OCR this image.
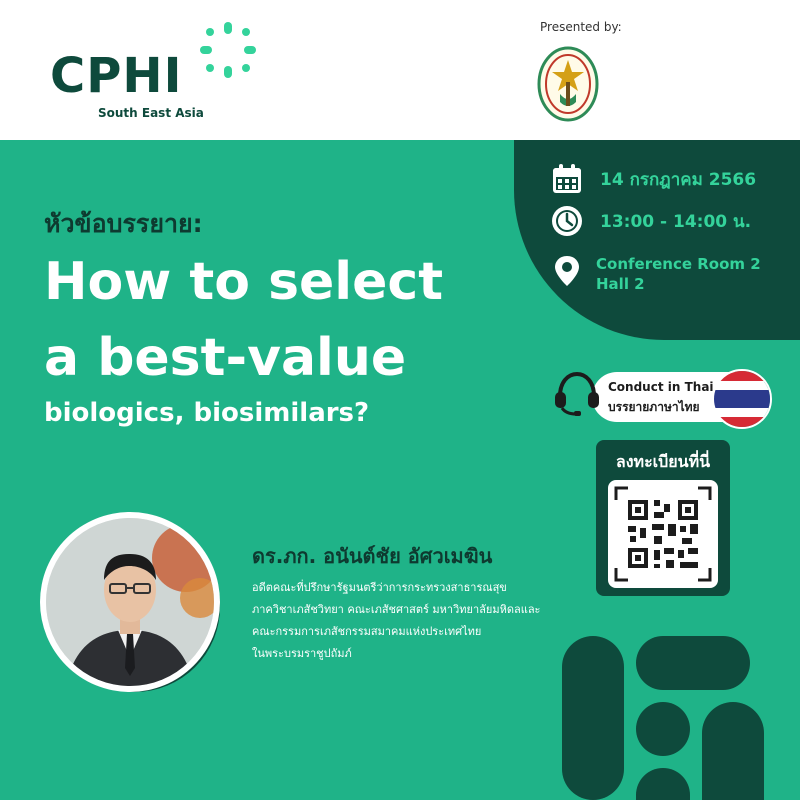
CPHI
South East Asia
Presented by:
14 กรกฎาคม 2566
13:00 - 14:00 น.
Conference Room 2
Hall 2
หัวข้อบรรยาย:
How to select
a best-value
biologics, biosimilars?
Conduct in Thai
บรรยายภาษาไทย
ลงทะเบียนที่นี่
ดร.ภก. อนันต์ชัย อัศวเมฆิน
อดีตคณะที่ปรึกษารัฐมนตรีว่าการกระทรวงสาธารณสุข
ภาควิชาเภสัชวิทยา คณะเภสัชศาสตร์ มหาวิทยาลัยมหิดลและ
คณะกรรมการเภสัชกรรมสมาคมแห่งประเทศไทย
ในพระบรมราชูปถัมภ์
